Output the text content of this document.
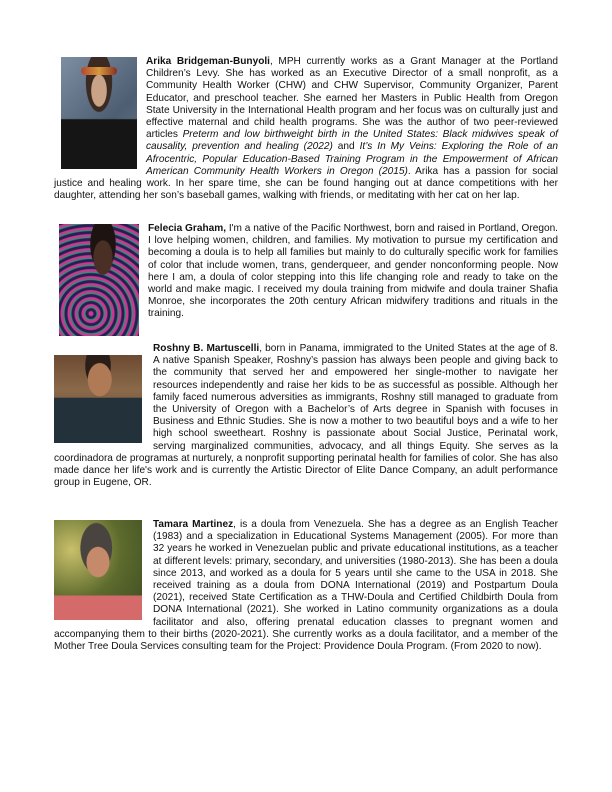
Arika Bridgeman-Bunyoli, MPH currently works as a Grant Manager at the Portland Children’s Levy. She has worked as an Executive Director of a small nonprofit, as a Community Health Worker (CHW) and CHW Supervisor, Community Organizer, Parent Educator, and preschool teacher. She earned her Masters in Public Health from Oregon State University in the International Health program and her focus was on culturally just and effective maternal and child health programs. She was the author of two peer-reviewed articles Preterm and low birthweight birth in the United States: Black midwives speak of causality, prevention and healing (2022) and It’s In My Veins: Exploring the Role of an Afrocentric, Popular Education-Based Training Program in the Empowerment of African American Community Health Workers in Oregon (2015). Arika has a passion for social justice and healing work. In her spare time, she can be found hanging out at dance competitions with her daughter, attending her son’s baseball games, walking with friends, or meditating with her cat on her lap.
Felecia Graham, I'm a native of the Pacific Northwest, born and raised in Portland, Oregon. I love helping women, children, and families. My motivation to pursue my certification and becoming a doula is to help all families but mainly to do culturally specific work for families of color that include women, trans, genderqueer, and gender nonconforming people. Now here I am, a doula of color stepping into this life changing role and ready to take on the world and make magic. I received my doula training from midwife and doula trainer Shafia Monroe, she incorporates the 20th century African midwifery traditions and rituals in the training.
Roshny B. Martuscelli, born in Panama, immigrated to the United States at the age of 8. A native Spanish Speaker, Roshny’s passion has always been people and giving back to the community that served her and empowered her single-mother to navigate her resources independently and raise her kids to be as successful as possible. Although her family faced numerous adversities as immigrants, Roshny still managed to graduate from the University of Oregon with a Bachelor’s of Arts degree in Spanish with focuses in Business and Ethnic Studies. She is now a mother to two beautiful boys and a wife to her high school sweetheart. Roshny is passionate about Social Justice, Perinatal work, serving marginalized communities, advocacy, and all things Equity. She serves as la coordinadora de programas at nurturely, a nonprofit supporting perinatal health for families of color. She has also made dance her life's work and is currently the Artistic Director of Elite Dance Company, an adult performance group in Eugene, OR.
Tamara Martinez, is a doula from Venezuela. She has a degree as an English Teacher (1983) and a specialization in Educational Systems Management (2005). For more than 32 years he worked in Venezuelan public and private educational institutions, as a teacher at different levels: primary, secondary, and universities (1980-2013). She has been a doula since 2013, and worked as a doula for 5 years until she came to the USA in 2018. She received training as a doula from DONA International (2019) and Postpartum Doula (2021), received State Certification as a THW-Doula and Certified Childbirth Doula from DONA International (2021). She worked in Latino community organizations as a doula facilitator and also, offering prenatal education classes to pregnant women and accompanying them to their births (2020-2021). She currently works as a doula facilitator, and a member of the Mother Tree Doula Services consulting team for the Project: Providence Doula Program. (From 2020 to now).
